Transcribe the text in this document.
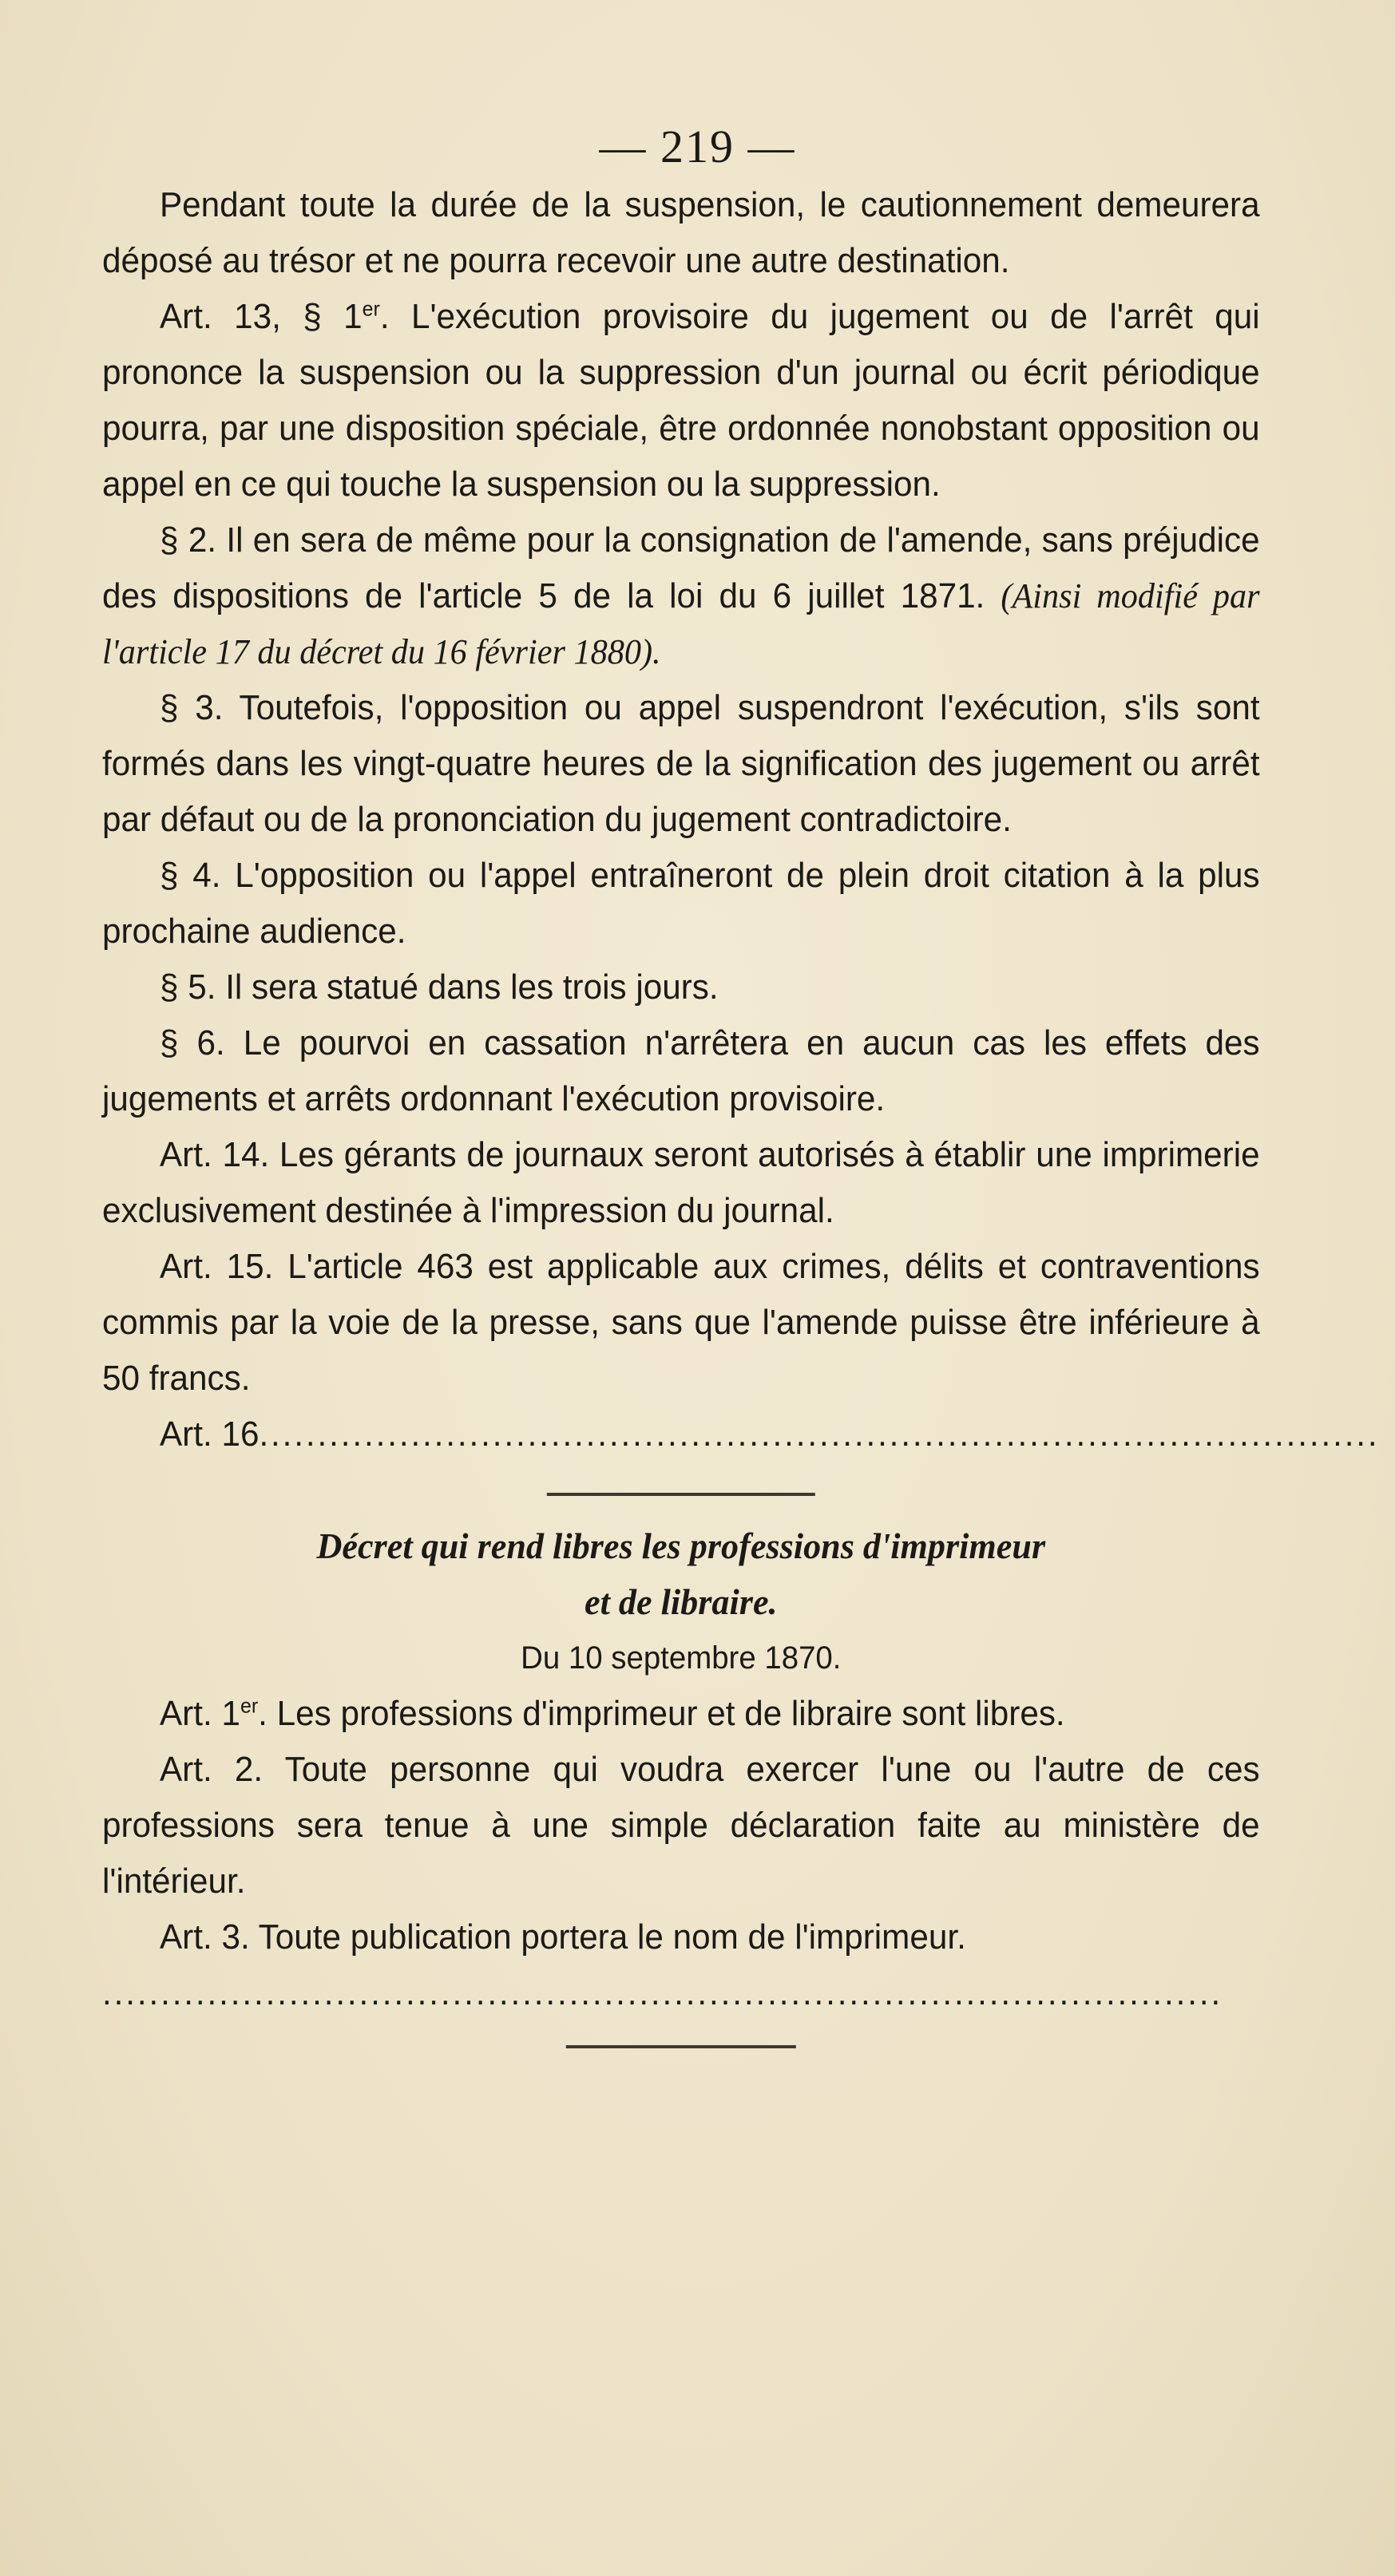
— 219 —

Pendant toute la durée de la suspension, le cautionnement demeurera déposé au trésor et ne pourra recevoir une autre destination.

Art. 13, § 1er. L'exécution provisoire du jugement ou de l'arrêt qui prononce la suspension ou la suppression d'un journal ou écrit périodique pourra, par une disposition spéciale, être ordonnée nonobstant opposition ou appel en ce qui touche la suspension ou la suppression.

§ 2. Il en sera de même pour la consignation de l'amende, sans préjudice des dispositions de l'article 5 de la loi du 6 juillet 1871. (Ainsi modifié par l'article 17 du décret du 16 février 1880).

§ 3. Toutefois, l'opposition ou appel suspendront l'exécution, s'ils sont formés dans les vingt-quatre heures de la signification des jugement ou arrêt par défaut ou de la prononciation du jugement contradictoire.

§ 4. L'opposition ou l'appel entraîneront de plein droit citation à la plus prochaine audience.

§ 5. Il sera statué dans les trois jours.

§ 6. Le pourvoi en cassation n'arrêtera en aucun cas les effets des jugements et arrêts ordonnant l'exécution provisoire.

Art. 14. Les gérants de journaux seront autorisés à établir une imprimerie exclusivement destinée à l'impression du journal.

Art. 15. L'article 463 est applicable aux crimes, délits et contraventions commis par la voie de la presse, sans que l'amende puisse être inférieure à 50 francs.

Art. 16................................................................................................

Décret qui rend libres les professions d'imprimeur

et de libraire.

Du 10 septembre 1870.

Art. 1er. Les professions d'imprimeur et de libraire sont libres.

Art. 2. Toute personne qui voudra exercer l'une ou l'autre de ces professions sera tenue à une simple déclaration faite au ministère de l'intérieur.

Art. 3. Toute publication portera le nom de l'imprimeur.

................................................................................................
